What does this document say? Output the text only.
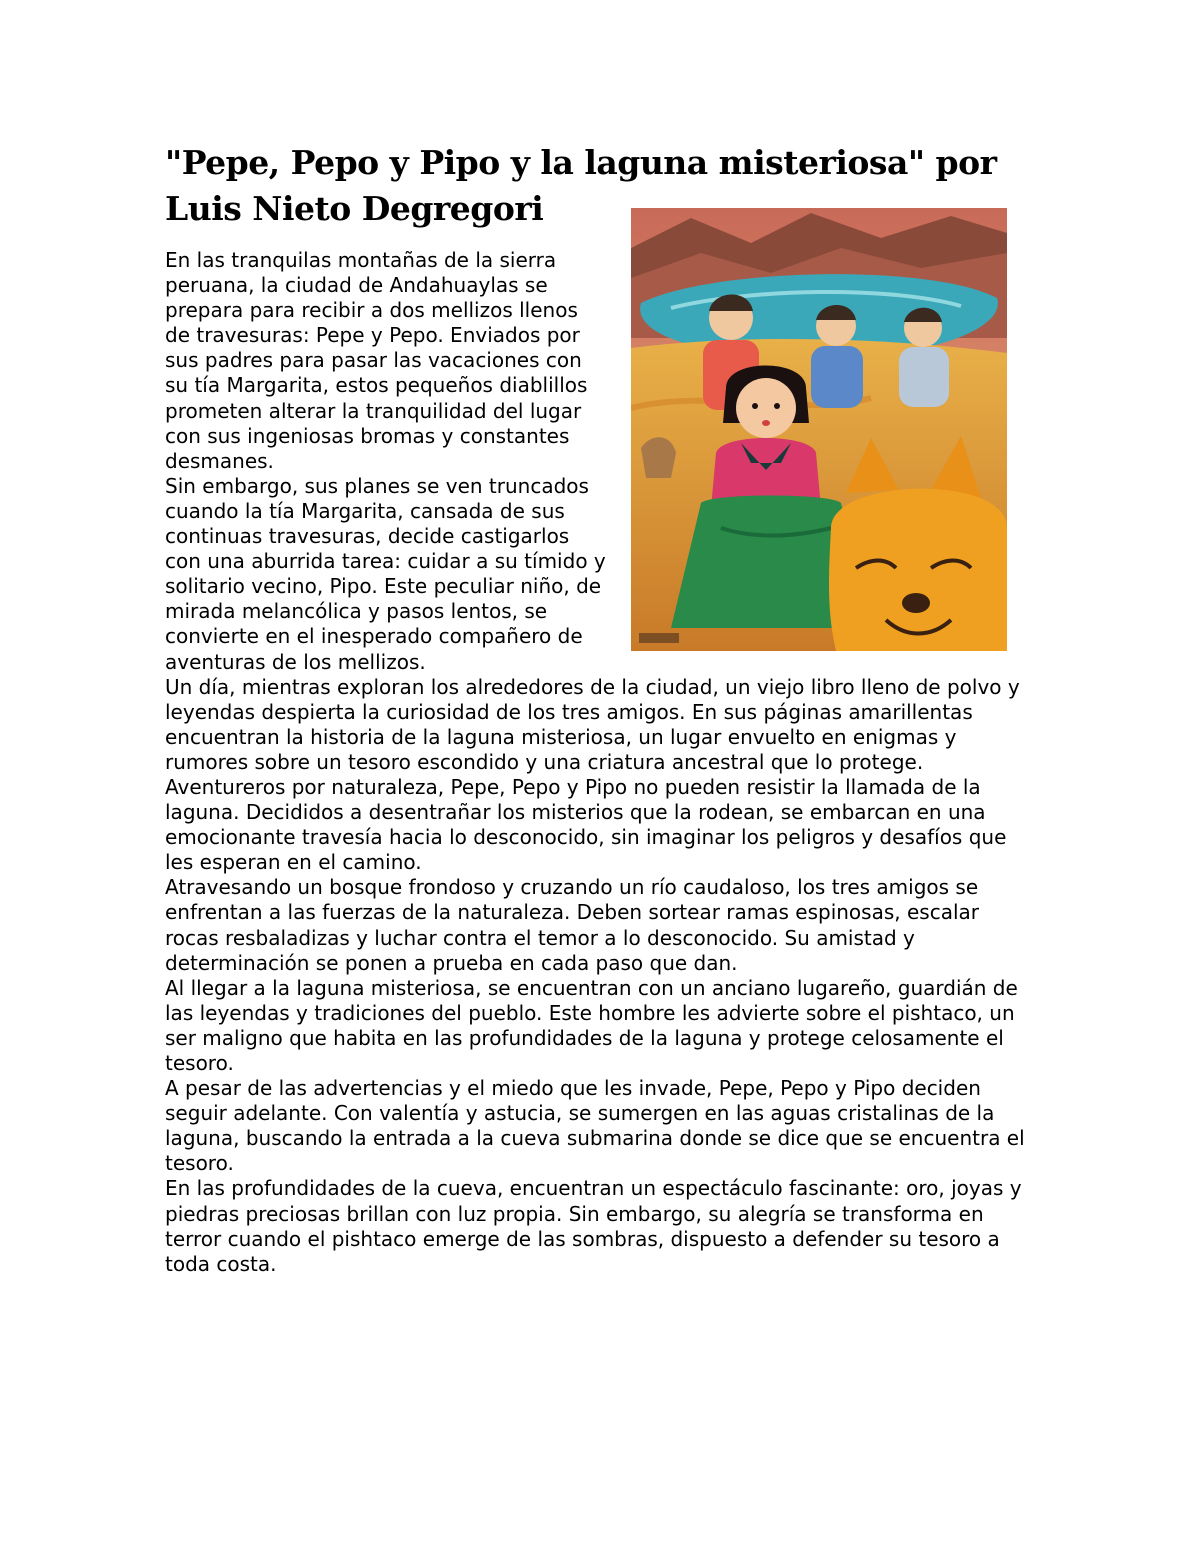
"Pepe, Pepo y Pipo y la laguna misteriosa" por Luis Nieto Degregori

En las tranquilas montañas de la sierra peruana, la ciudad de Andahuaylas se prepara para recibir a dos mellizos llenos de travesuras: Pepe y Pepo. Enviados por sus padres para pasar las vacaciones con su tía Margarita, estos pequeños diablillos prometen alterar la tranquilidad del lugar con sus ingeniosas bromas y constantes desmanes.

Sin embargo, sus planes se ven truncados cuando la tía Margarita, cansada de sus continuas travesuras, decide castigarlos con una aburrida tarea: cuidar a su tímido y solitario vecino, Pipo. Este peculiar niño, de mirada melancólica y pasos lentos, se convierte en el inesperado compañero de aventuras de los mellizos.

Un día, mientras exploran los alrededores de la ciudad, un viejo libro lleno de polvo y leyendas despierta la curiosidad de los tres amigos. En sus páginas amarillentas encuentran la historia de la laguna misteriosa, un lugar envuelto en enigmas y rumores sobre un tesoro escondido y una criatura ancestral que lo protege.

Aventureros por naturaleza, Pepe, Pepo y Pipo no pueden resistir la llamada de la laguna. Decididos a desentrañar los misterios que la rodean, se embarcan en una emocionante travesía hacia lo desconocido, sin imaginar los peligros y desafíos que les esperan en el camino.

Atravesando un bosque frondoso y cruzando un río caudaloso, los tres amigos se enfrentan a las fuerzas de la naturaleza. Deben sortear ramas espinosas, escalar rocas resbaladizas y luchar contra el temor a lo desconocido. Su amistad y determinación se ponen a prueba en cada paso que dan.

Al llegar a la laguna misteriosa, se encuentran con un anciano lugareño, guardián de las leyendas y tradiciones del pueblo. Este hombre les advierte sobre el pishtaco, un ser maligno que habita en las profundidades de la laguna y protege celosamente el tesoro.

A pesar de las advertencias y el miedo que les invade, Pepe, Pepo y Pipo deciden seguir adelante. Con valentía y astucia, se sumergen en las aguas cristalinas de la laguna, buscando la entrada a la cueva submarina donde se dice que se encuentra el tesoro.

En las profundidades de la cueva, encuentran un espectáculo fascinante: oro, joyas y piedras preciosas brillan con luz propia. Sin embargo, su alegría se transforma en terror cuando el pishtaco emerge de las sombras, dispuesto a defender su tesoro a toda costa.
